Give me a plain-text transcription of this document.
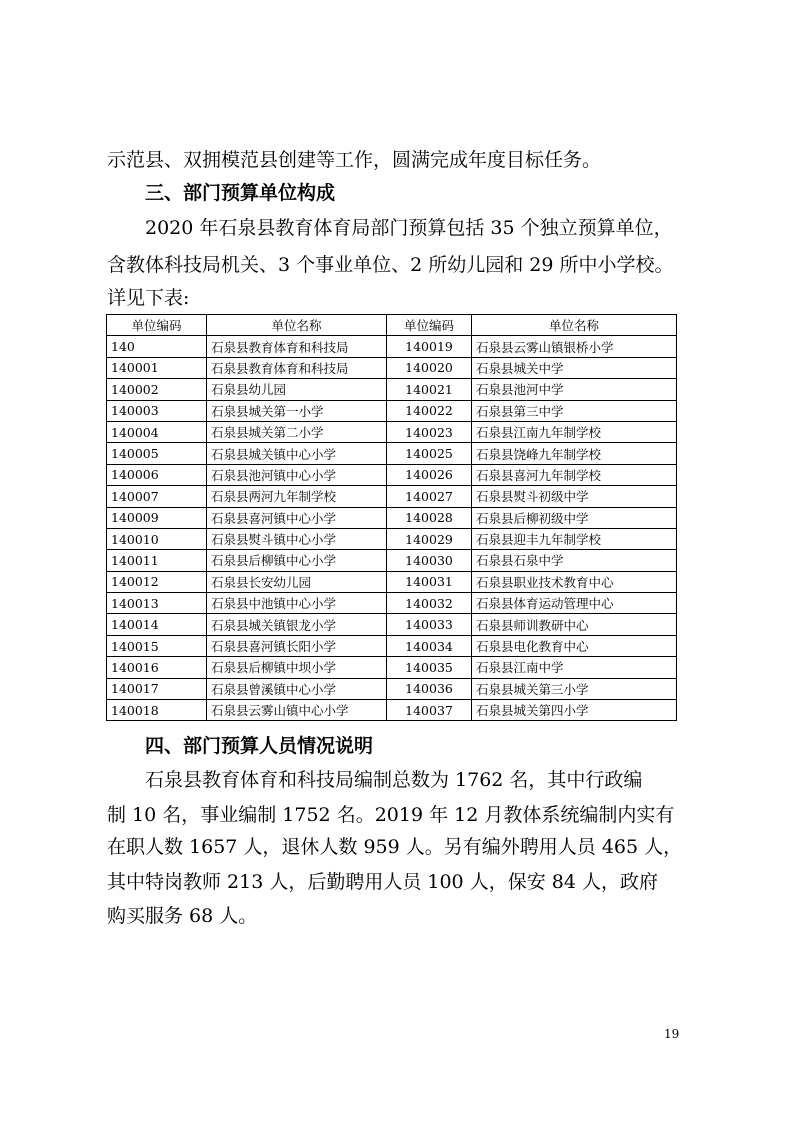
示范县、双拥模范县创建等工作，圆满完成年度目标任务。

三、部门预算单位构成

2020 年石泉县教育体育局部门预算包括 35 个独立预算单位，

含教体科技局机关、3 个事业单位、2 所幼儿园和 29 所中小学校。

详见下表:

单位编码	单位名称	单位编码	单位名称
140	石泉县教育体育和科技局	140019	石泉县云雾山镇银桥小学
140001	石泉县教育体育和科技局	140020	石泉县城关中学
140002	石泉县幼儿园	140021	石泉县池河中学
140003	石泉县城关第一小学	140022	石泉县第三中学
140004	石泉县城关第二小学	140023	石泉县江南九年制学校
140005	石泉县城关镇中心小学	140025	石泉县饶峰九年制学校
140006	石泉县池河镇中心小学	140026	石泉县喜河九年制学校
140007	石泉县两河九年制学校	140027	石泉县熨斗初级中学
140009	石泉县喜河镇中心小学	140028	石泉县后柳初级中学
140010	石泉县熨斗镇中心小学	140029	石泉县迎丰九年制学校
140011	石泉县后柳镇中心小学	140030	石泉县石泉中学
140012	石泉县长安幼儿园	140031	石泉县职业技术教育中心
140013	石泉县中池镇中心小学	140032	石泉县体育运动管理中心
140014	石泉县城关镇银龙小学	140033	石泉县师训教研中心
140015	石泉县喜河镇长阳小学	140034	石泉县电化教育中心
140016	石泉县后柳镇中坝小学	140035	石泉县江南中学
140017	石泉县曾溪镇中心小学	140036	石泉县城关第三小学
140018	石泉县云雾山镇中心小学	140037	石泉县城关第四小学
四、部门预算人员情况说明

石泉县教育体育和科技局编制总数为 1762 名，其中行政编

制 10 名，事业编制 1752 名。2019 年 12 月教体系统编制内实有

在职人数 1657 人，退休人数 959 人。另有编外聘用人员 465 人，

其中特岗教师 213 人，后勤聘用人员 100 人，保安 84 人，政府

购买服务 68 人。

19
